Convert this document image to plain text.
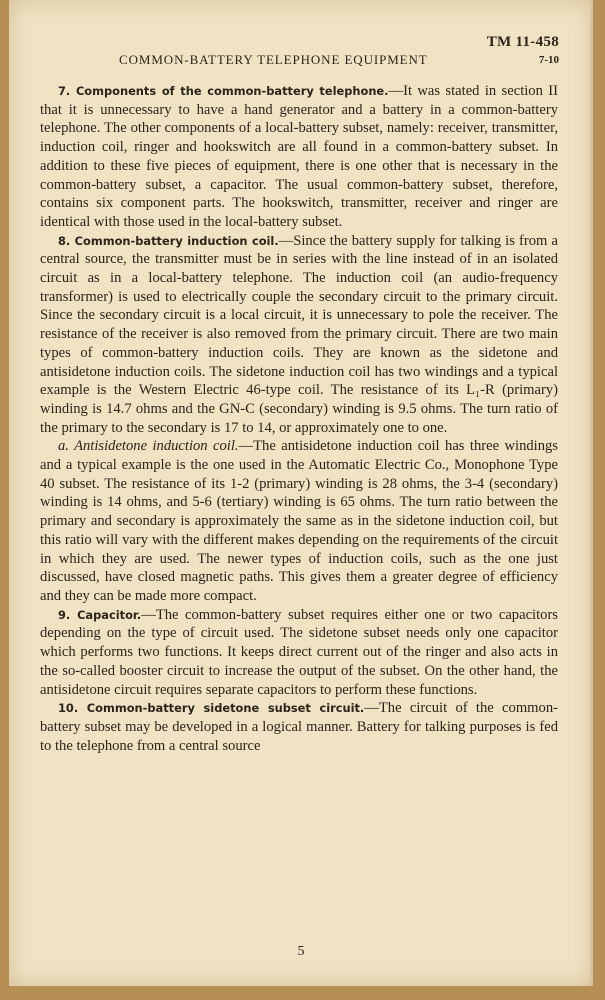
TM 11-458
COMMON-BATTERY TELEPHONE EQUIPMENT	7-10

7. Components of the common-battery telephone.—It was stated in section II that it is unnecessary to have a hand generator and a battery in a common-battery telephone. The other components of a local-battery subset, namely: receiver, transmitter, induction coil, ringer and hookswitch are all found in a common-battery subset. In addition to these five pieces of equipment, there is one other that is necessary in the common-battery subset, a capacitor. The usual common-battery subset, therefore, contains six component parts. The hookswitch, transmitter, receiver and ringer are identical with those used in the local-battery subset.

8. Common-battery induction coil.—Since the battery supply for talking is from a central source, the transmitter must be in series with the line instead of in an isolated circuit as in a local-battery telephone. The induction coil (an audio-frequency transformer) is used to electrically couple the secondary circuit to the primary circuit. Since the secondary circuit is a local circuit, it is unnecessary to pole the receiver. The resistance of the receiver is also removed from the primary circuit. There are two main types of common-battery induction coils. They are known as the sidetone and antisidetone induction coils. The sidetone induction coil has two windings and a typical example is the Western Electric 46-type coil. The resistance of its L₁-R (primary) winding is 14.7 ohms and the GN-C (secondary) winding is 9.5 ohms. The turn ratio of the primary to the secondary is 17 to 14, or approximately one to one.

a. Antisidetone induction coil.—The antisidetone induction coil has three windings and a typical example is the one used in the Automatic Electric Co., Monophone Type 40 subset. The resistance of its 1-2 (primary) winding is 28 ohms, the 3-4 (secondary) winding is 14 ohms, and 5-6 (tertiary) winding is 65 ohms. The turn ratio between the primary and secondary is approximately the same as in the sidetone induction coil, but this ratio will vary with the different makes depending on the requirements of the circuit in which they are used. The newer types of induction coils, such as the one just discussed, have closed magnetic paths. This gives them a greater degree of efficiency and they can be made more compact.

9. Capacitor.—The common-battery subset requires either one or two capacitors depending on the type of circuit used. The sidetone subset needs only one capacitor which performs two functions. It keeps direct current out of the ringer and also acts in the so-called booster circuit to increase the output of the subset. On the other hand, the antisidetone circuit requires separate capacitors to perform these functions.

10. Common-battery sidetone subset circuit.—The circuit of the common-battery subset may be developed in a logical manner. Battery for talking purposes is fed to the telephone from a central source

5
